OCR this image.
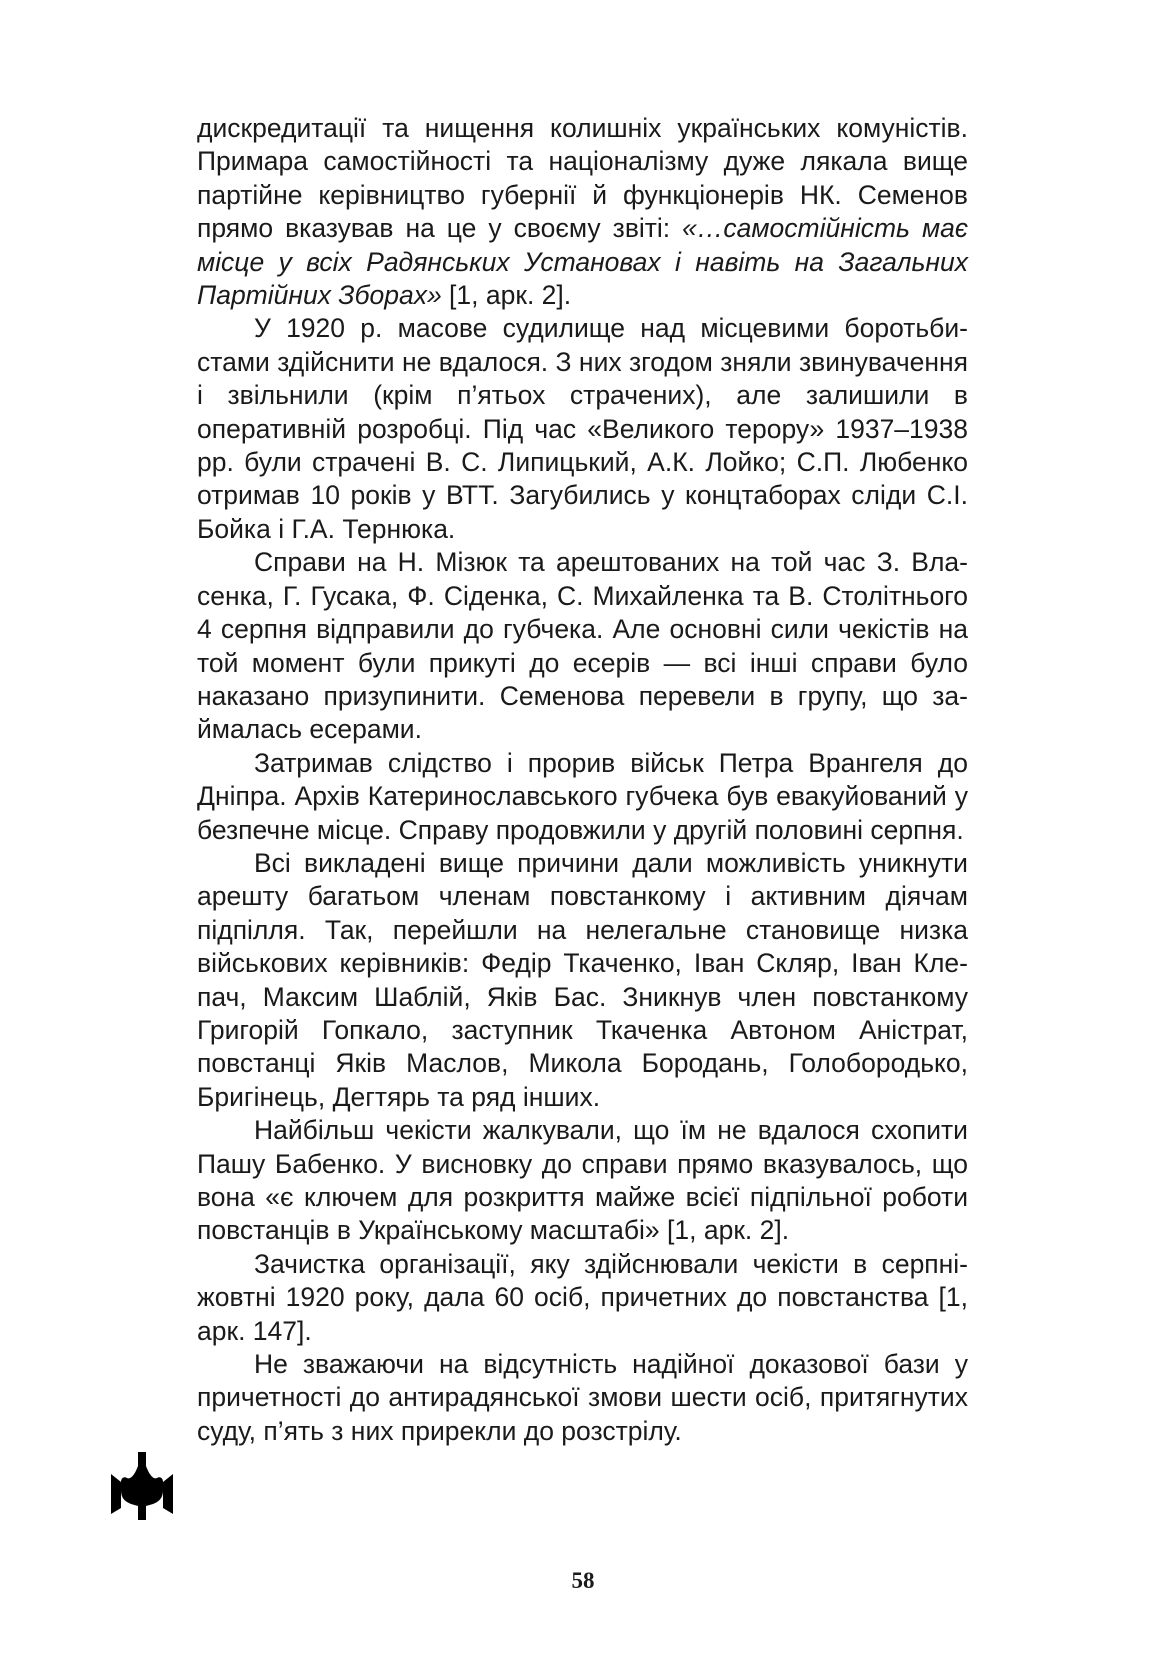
дискредитації та нищення колишніх українських комуністів. Примара самостійності та націоналізму дуже лякала вище партійне керівництво губернії й функціонерів НК. Семенов прямо вказував на це у своєму звіті: «…самостійність має місце у всіх Радянських Установах і навіть на Загальних Партійних Зборах» [1, арк. 2].

У 1920 р. масове судилище над місцевими боротьбистами здійснити не вдалося. З них згодом зняли звинувачення і звільнили (крім п’ятьох страчених), але залишили в оперативній розробці. Під час «Великого терору» 1937–1938 рр. були страчені В. С. Липицький, А.К. Лойко; С.П. Любенко отримав 10 років у ВТТ. Загубились у концтаборах сліди С.І. Бойка і Г.А. Тернюка.

Справи на Н. Мізюк та арештованих на той час З. Власенка, Г. Гусака, Ф. Сіденка, С. Михайленка та В. Столітнього 4 серпня відправили до губчека. Але основні сили чекістів на той момент були прикуті до есерів — всі інші справи було наказано призупинити. Семенова перевели в групу, що займалась есерами.

Затримав слідство і прорив військ Петра Врангеля до Дніпра. Архів Катеринославського губчека був евакуйований у безпечне місце. Справу продовжили у другій половині серпня.

Всі викладені вище причини дали можливість уникнути арешту багатьом членам повстанкому і активним діячам підпілля. Так, перейшли на нелегальне становище низка військових керівників: Федір Ткаченко, Іван Скляр, Іван Клепач, Максим Шаблій, Яків Бас. Зникнув член повстанкому Григорій Гопкало, заступник Ткаченка Автоном Аністрат, повстанці Яків Маслов, Микола Бородань, Голобородько, Бригінець, Дегтярь та ряд інших.

Найбільш чекісти жалкували, що їм не вдалося схопити Пашу Бабенко. У висновку до справи прямо вказувалось, що вона «є ключем для розкриття майже всієї підпільної роботи повстанців в Українському масштабі» [1, арк. 2].

Зачистка організації, яку здійснювали чекісти в серпні-жовтні 1920 року, дала 60 осіб, причетних до повстанства [1, арк. 147].

Не зважаючи на відсутність надійної доказової бази у причетності до антирадянської змови шести осіб, притягнутих суду, п’ять з них прирекли до розстрілу.

58
